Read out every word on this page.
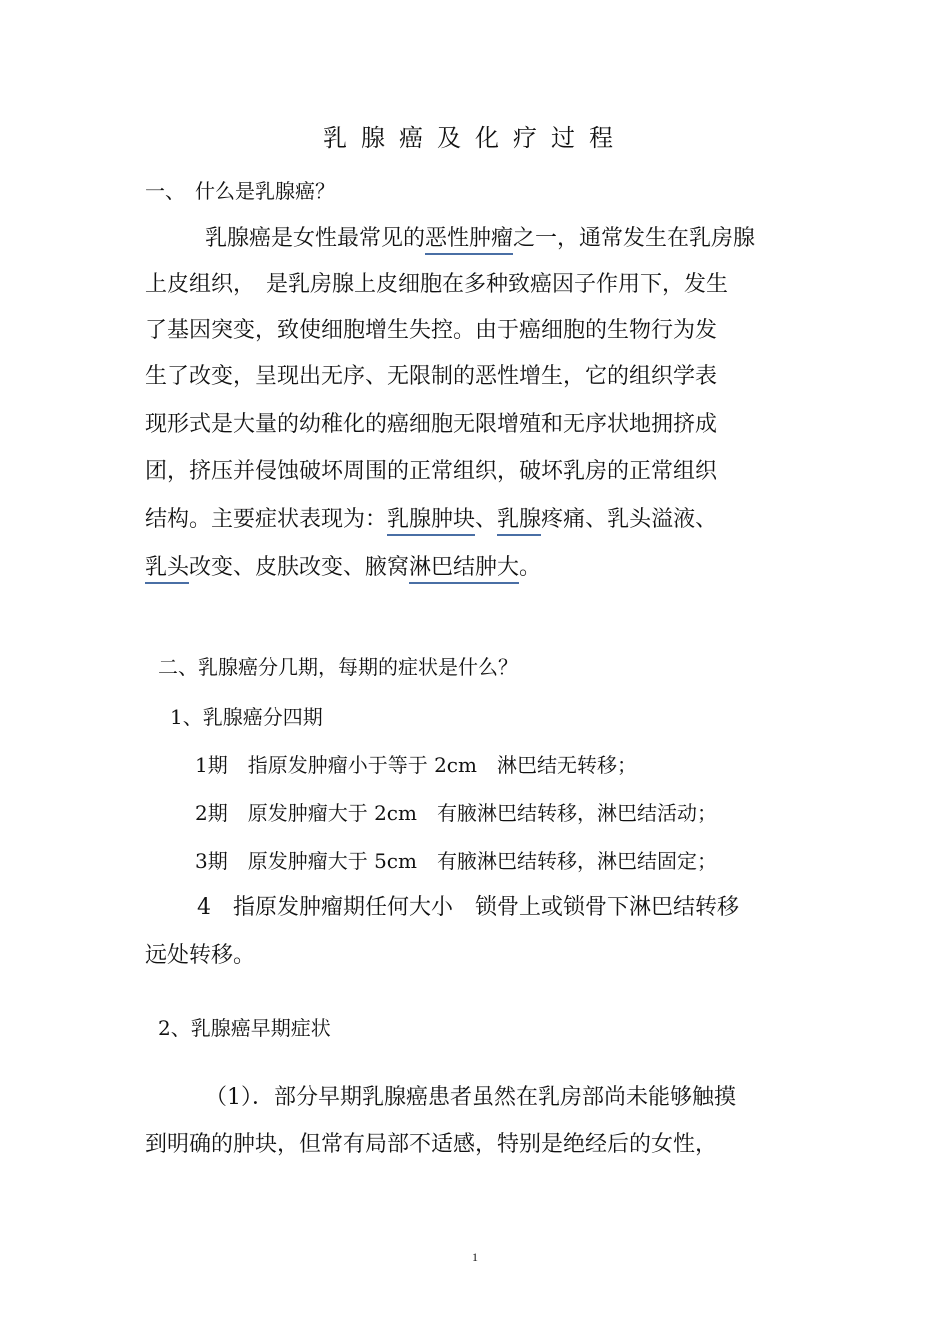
乳腺癌及化疗过程
一、　什么是乳腺癌？
乳腺癌是女性最常见的恶性肿瘤之一，通常发生在乳房腺
上皮组织，　是乳房腺上皮细胞在多种致癌因子作用下，发生
了基因突变，致使细胞增生失控。由于癌细胞的生物行为发
生了改变，呈现出无序、无限制的恶性增生，它的组织学表
现形式是大量的幼稚化的癌细胞无限增殖和无序状地拥挤成
团，挤压并侵蚀破坏周围的正常组织，破坏乳房的正常组织
结构。主要症状表现为：乳腺肿块、乳腺疼痛、乳头溢液、
乳头改变、皮肤改变、腋窝淋巴结肿大。
二、乳腺癌分几期，每期的症状是什么？
1、乳腺癌分四期
1期　指原发肿瘤小于等于 2cm　淋巴结无转移；
2期　原发肿瘤大于 2cm　有腋淋巴结转移，淋巴结活动；
3期　原发肿瘤大于 5cm　有腋淋巴结转移，淋巴结固定；
4　指原发肿瘤期任何大小　锁骨上或锁骨下淋巴结转移
远处转移。
2、乳腺癌早期症状
（1）．部分早期乳腺癌患者虽然在乳房部尚未能够触摸
到明确的肿块，但常有局部不适感，特别是绝经后的女性，
1
